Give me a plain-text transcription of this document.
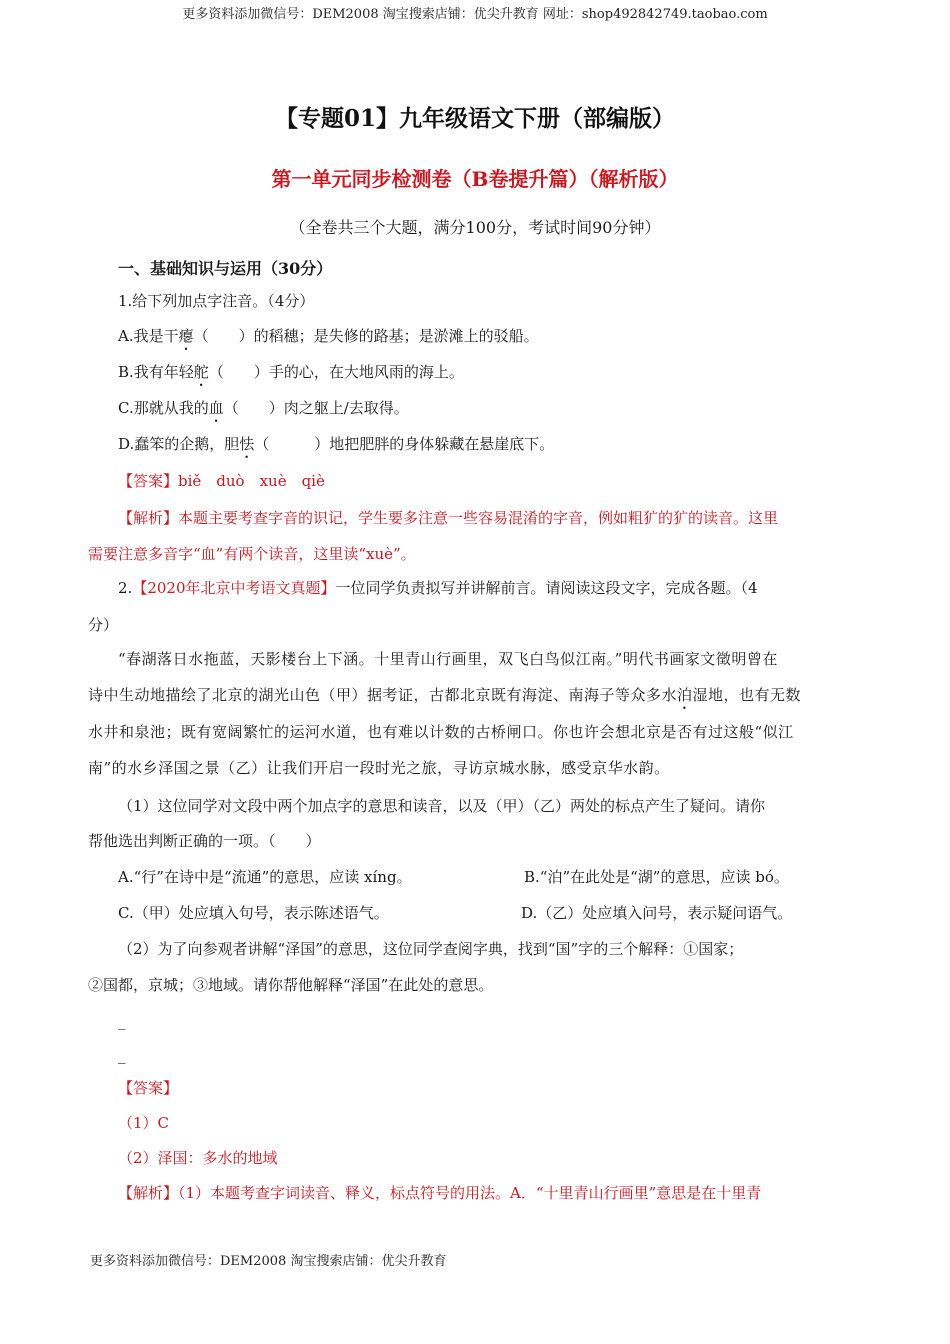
更多资料添加微信号：DEM2008 淘宝搜索店铺：优尖升教育 网址：shop492842749.taobao.com
【专题01】九年级语文下册（部编版）
第一单元同步检测卷（B卷提升篇）（解析版）
（全卷共三个大题，满分100分，考试时间90分钟）
一、基础知识与运用（30分）
1.给下列加点字注音。（4分）
A.我是干瘪（　　）的稻穗；是失修的路基；是淤滩上的驳船。
B.我有年轻舵（　　）手的心，在大地风雨的海上。
C.那就从我的血（　　）肉之躯上/去取得。
D.蠢笨的企鹅，胆怯（　　　）地把肥胖的身体躲藏在悬崖底下。
【答案】biě　duò　xuè　qiè
【解析】本题主要考查字音的识记，学生要多注意一些容易混淆的字音，例如粗犷的犷的读音。这里
需要注意多音字“血”有两个读音，这里读“xuè”。
2.【2020年北京中考语文真题】一位同学负责拟写并讲解前言。请阅读这段文字，完成各题。（4
分）
“春湖落日水拖蓝，天影楼台上下涵。十里青山行画里，双飞白鸟似江南。”明代书画家文徵明曾在
诗中生动地描绘了北京的湖光山色（甲）据考证，古都北京既有海淀、南海子等众多水泊湿地，也有无数
水井和泉池；既有宽阔繁忙的运河水道，也有难以计数的古桥闸口。你也许会想北京是否有过这般“似江
南”的水乡泽国之景（乙）让我们开启一段时光之旅，寻访京城水脉，感受京华水韵。
（1）这位同学对文段中两个加点字的意思和读音，以及（甲）（乙）两处的标点产生了疑问。请你
帮他选出判断正确的一项。（　　）
A.“行”在诗中是“流通”的意思，应读 xíng。	B.“泊”在此处是“湖”的意思，应读 bó。
C.（甲）处应填入句号，表示陈述语气。	D.（乙）处应填入问号，表示疑问语气。
（2）为了向参观者讲解“泽国”的意思，这位同学查阅字典，找到“国”字的三个解释：①国家；
②国都，京城；③地域。请你帮他解释“泽国”在此处的意思。
_
_
【答案】
（1）C
（2）泽国：多水的地域
【解析】（1）本题考查字词读音、释义，标点符号的用法。A．“十里青山行画里”意思是在十里青
更多资料添加微信号：DEM2008 淘宝搜索店铺：优尖升教育
